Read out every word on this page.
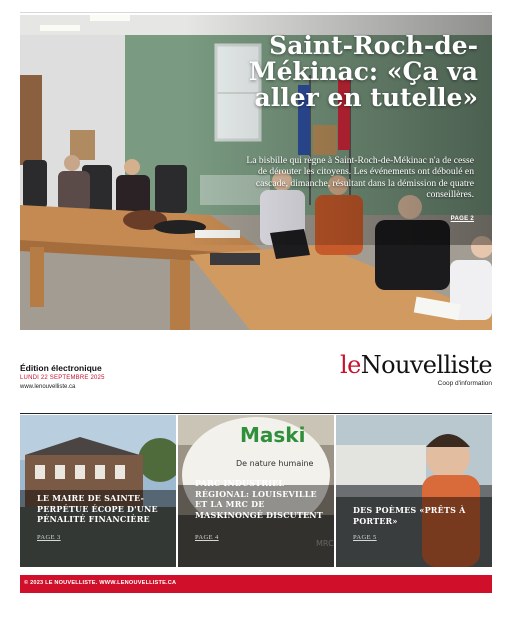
Saint-Roch-de-Mékinac: «Ça va aller en tutelle»
La bisbille qui règne à Saint-Roch-de-Mékinac n'a de cesse de dérouter les citoyens. Les événements ont déboulé en cascade, dimanche, résultant dans la démission de quatre conseillères.
PAGE 2
Édition électronique
LUNDI 22 SEPTEMBRE 2025
www.lenouvelliste.ca
leNouvelliste
Coop d'information
LE MAIRE DE SAINTE-PERPÉTUE ÉCOPE D'UNE PÉNALITÉ FINANCIÈRE
PAGE 3
Maski
De nature humaine
MRC
PARC INDUSTRIEL RÉGIONAL: LOUISEVILLE ET LA MRC DE MASKINONGÉ DISCUTENT
PAGE 4
DES POÈMES «PRÊTS À PORTER»
PAGE 5
© 2023 LE NOUVELLISTE. WWW.LENOUVELLISTE.CA
